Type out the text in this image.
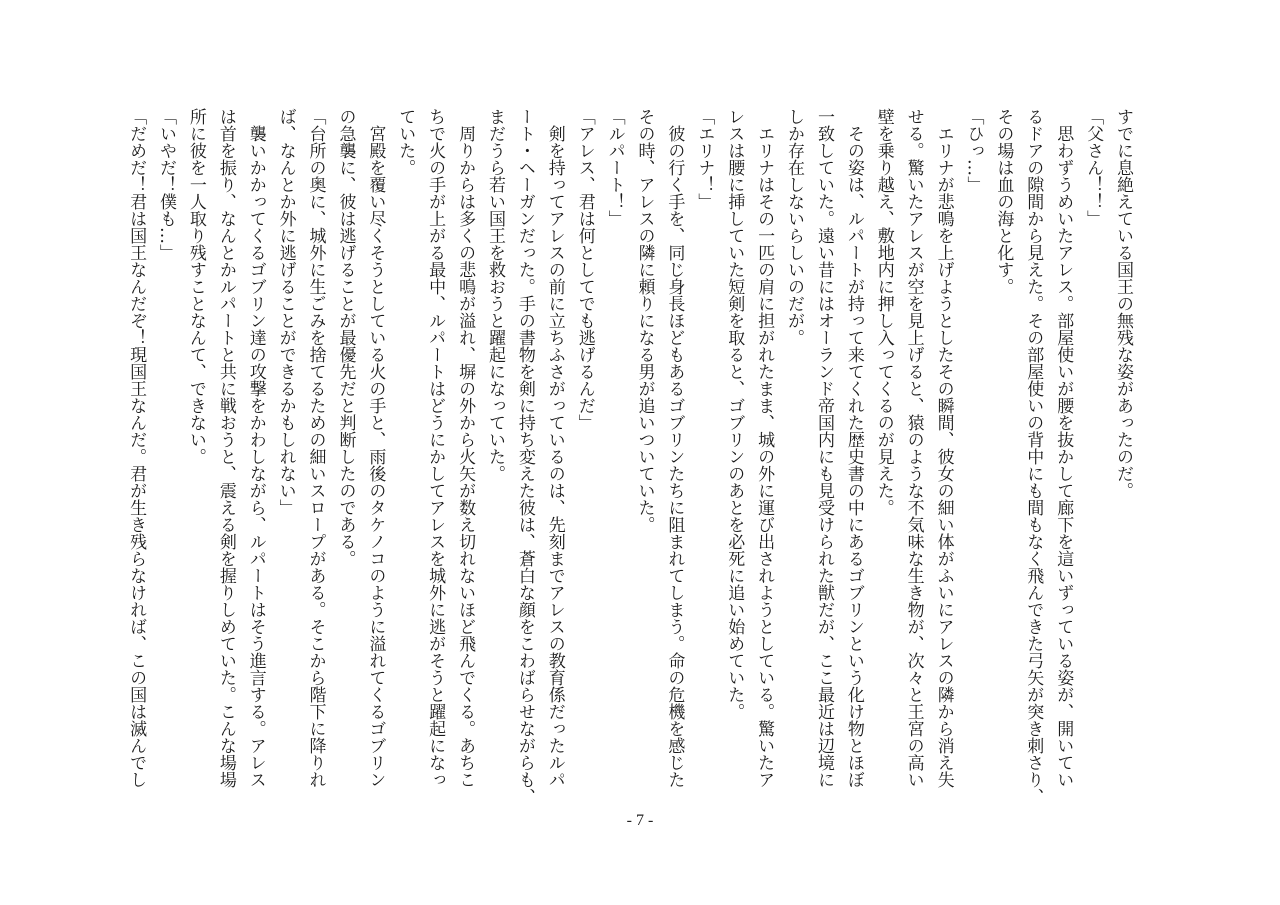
すでに息絶えている国王の無残な姿があったのだ。
「父さん！！」
　思わずうめいたアレス。部屋使いが腰を抜かして廊下を這いずっている姿が、開いてい
るドアの隙間から見えた。その部屋使いの背中にも間もなく飛んできた弓矢が突き刺さり、
その場は血の海と化す。
「ひっ…」
　エリナが悲鳴を上げようとしたその瞬間、彼女の細い体がふいにアレスの隣から消え失
せる。驚いたアレスが空を見上げると、猿のような不気味な生き物が、次々と王宮の高い
壁を乗り越え、敷地内に押し入ってくるのが見えた。
　その姿は、ルパートが持って来てくれた歴史書の中にあるゴブリンという化け物とほぼ
一致していた。遠い昔にはオーランド帝国内にも見受けられた獣だが、ここ最近は辺境に
しか存在しないらしいのだが。
　エリナはその一匹の肩に担がれたまま、城の外に運び出されようとしている。驚いたア
レスは腰に挿していた短剣を取ると、ゴブリンのあとを必死に追い始めていた。
「エリナ！」
　彼の行く手を、同じ身長ほどもあるゴブリンたちに阻まれてしまう。命の危機を感じた
その時、アレスの隣に頼りになる男が追いついていた。
「ルパート！」
「アレス、君は何としてでも逃げるんだ」
　剣を持ってアレスの前に立ちふさがっているのは、先刻までアレスの教育係だったルパ
ート・ヘーガンだった。手の書物を剣に持ち変えた彼は、蒼白な顔をこわばらせながらも、
まだうら若い国王を救おうと躍起になっていた。
　周りからは多くの悲鳴が溢れ、塀の外から火矢が数え切れないほど飛んでくる。あちこ
ちで火の手が上がる最中、ルパートはどうにかしてアレスを城外に逃がそうと躍起になっ
ていた。
　宮殿を覆い尽くそうとしている火の手と、雨後のタケノコのように溢れてくるゴブリン
の急襲に、彼は逃げることが最優先だと判断したのである。
「台所の奥に、城外に生ごみを捨てるための細いスロープがある。そこから階下に降りれ
ば、なんとか外に逃げることができるかもしれない」
　襲いかかってくるゴブリン達の攻撃をかわしながら、ルパートはそう進言する。アレス
は首を振り、なんとかルパートと共に戦おうと、震える剣を握りしめていた。こんな場場
所に彼を一人取り残すことなんて、できない。
「いやだ！僕も…」
「だめだ！君は国王なんだぞ！現国王なんだ。君が生き残らなければ、この国は滅んでし
- 7 -
